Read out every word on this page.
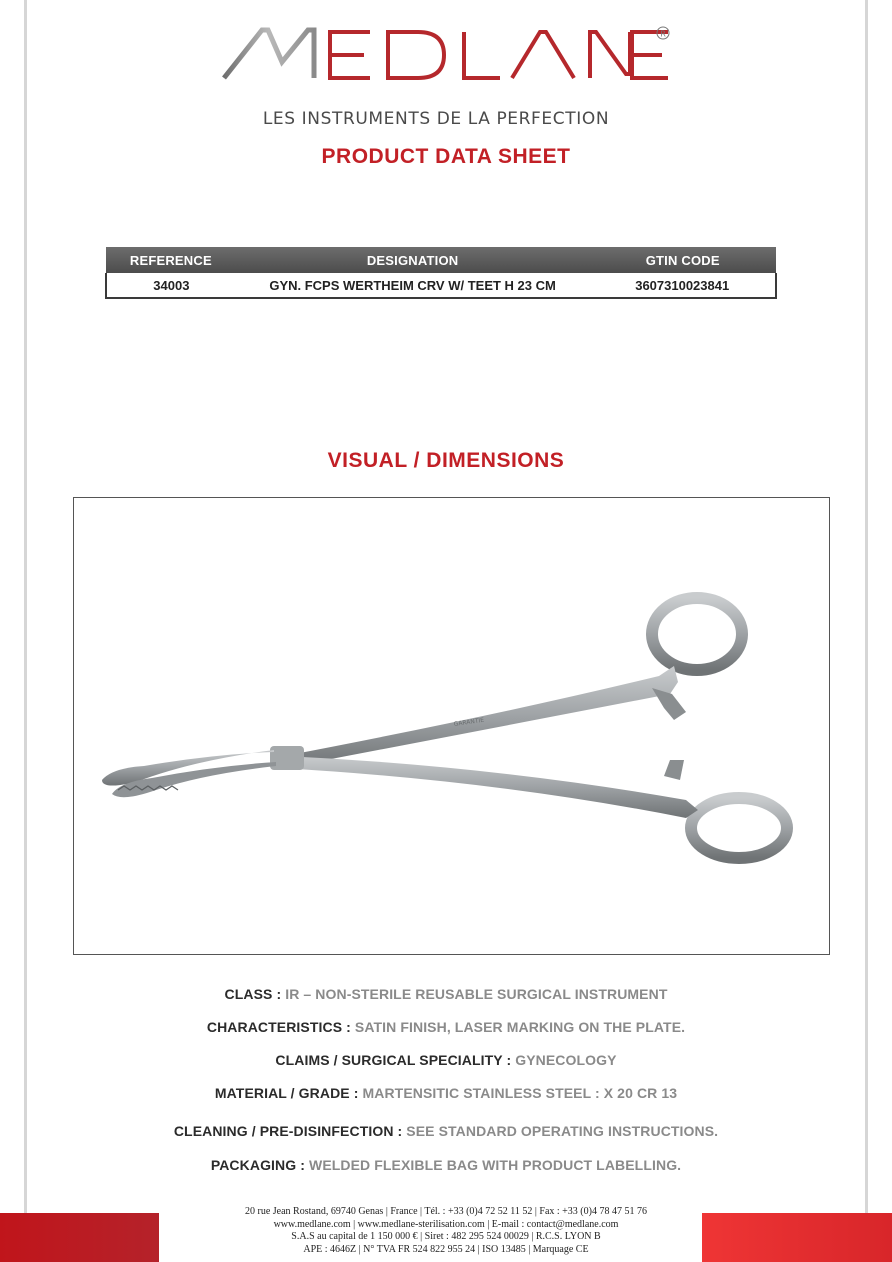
R
LES INSTRUMENTS DE LA PERFECTION
PRODUCT DATA SHEET
REFERENCE	DESIGNATION	GTIN CODE
34003	GYN. FCPS WERTHEIM CRV W/ TEET H 23 CM	3607310023841
VISUAL / DIMENSIONS
GARANTIE
CLASS : IR – NON-STERILE REUSABLE SURGICAL INSTRUMENT
CHARACTERISTICS : SATIN FINISH, LASER MARKING ON THE PLATE.
CLAIMS / SURGICAL SPECIALITY : GYNECOLOGY
MATERIAL / GRADE : MARTENSITIC STAINLESS STEEL : X 20 CR 13
CLEANING / PRE-DISINFECTION : SEE STANDARD OPERATING INSTRUCTIONS.
PACKAGING : WELDED FLEXIBLE BAG WITH PRODUCT LABELLING.
20 rue Jean Rostand, 69740 Genas | France | Tél. : +33 (0)4 72 52 11 52 | Fax : +33 (0)4 78 47 51 76
www.medlane.com | www.medlane-sterilisation.com | E-mail : contact@medlane.com
S.A.S au capital de 1 150 000 € | Siret : 482 295 524 00029 | R.C.S. LYON B
APE : 4646Z | N° TVA FR 524 822 955 24 | ISO 13485 | Marquage CE
